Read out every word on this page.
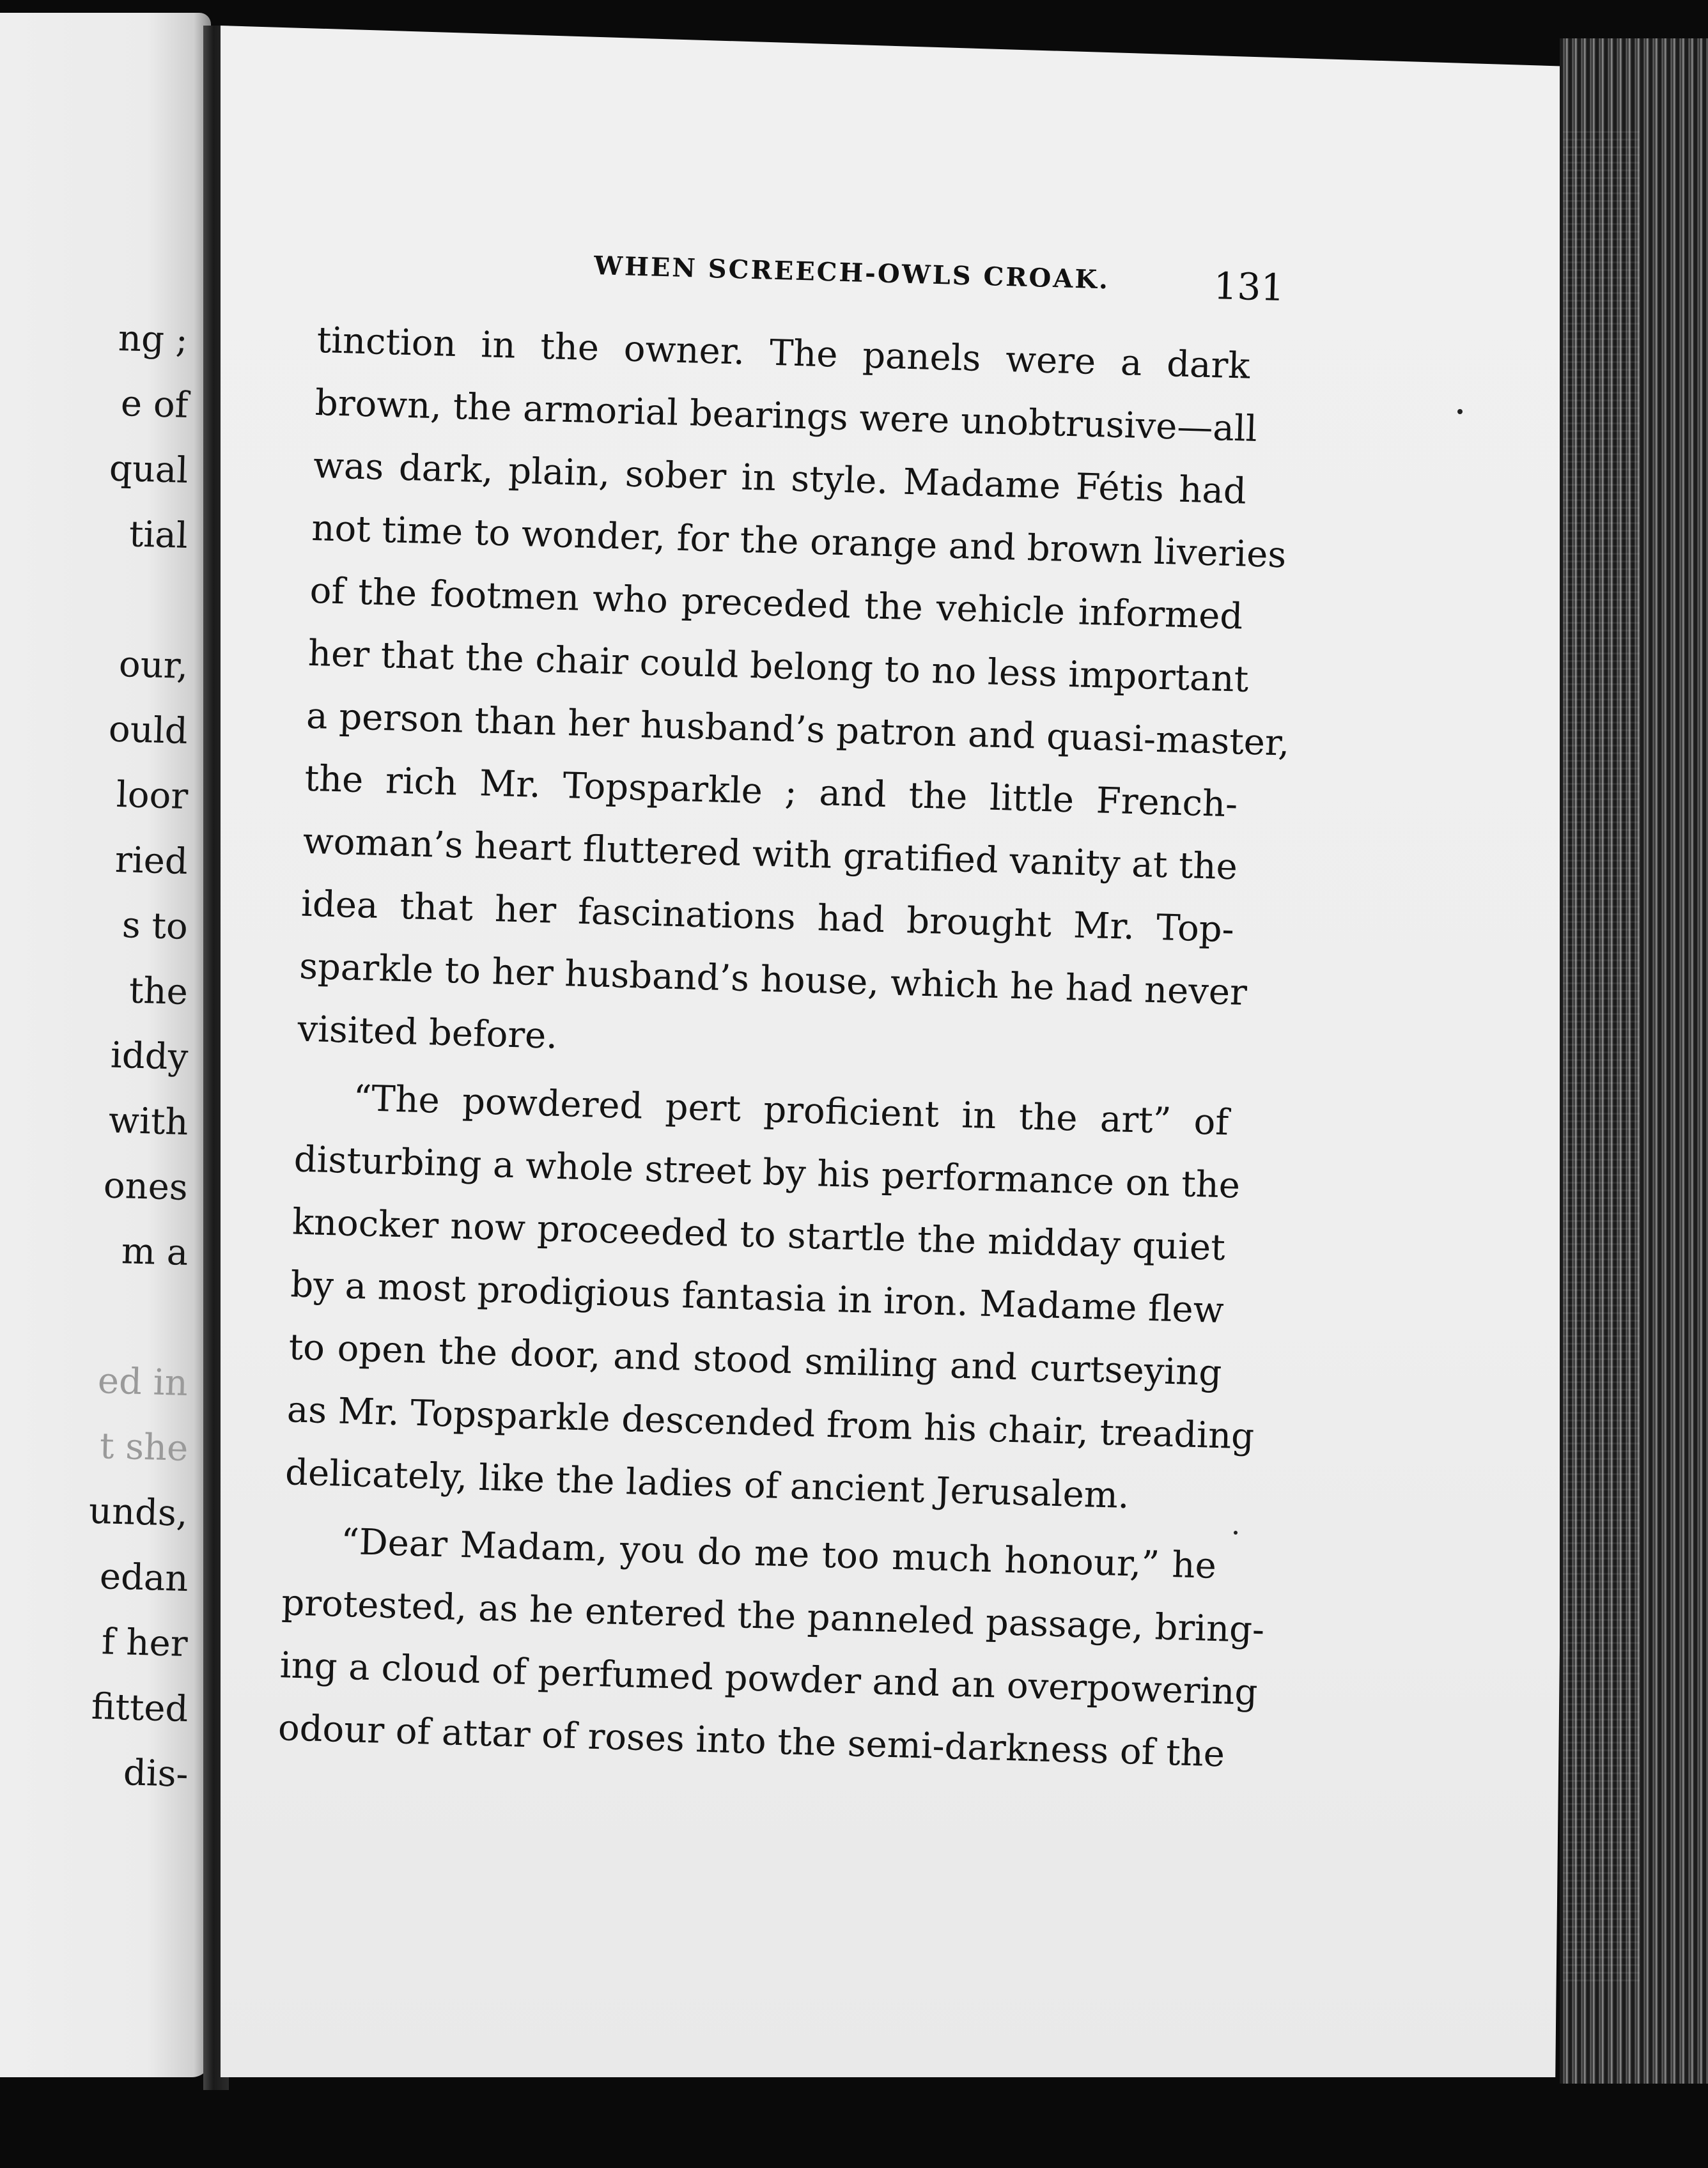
ng ;
e of
qual
tial
our,
ould
loor
ried
s to
the
iddy
with
ones
m a
ed in
t she
unds,
edan
f her
fitted
dis-
WHEN SCREECH-OWLS CROAK.	131
tinction in the owner. The panels were a dark
brown, the armorial bearings were unobtrusive—all
was dark, plain, sober in style. Madame Fétis had
not time to wonder, for the orange and brown liveries
of the footmen who preceded the vehicle informed
her that the chair could belong to no less important
a person than her husband’s patron and quasi-master,
the rich Mr. Topsparkle ; and the little French-
woman’s heart fluttered with gratified vanity at the
idea that her fascinations had brought Mr. Top-
sparkle to her husband’s house, which he had never
visited before.
“The powdered pert proficient in the art” of
disturbing a whole street by his performance on the
knocker now proceeded to startle the midday quiet
by a most prodigious fantasia in iron. Madame flew
to open the door, and stood smiling and curtseying
as Mr. Topsparkle descended from his chair, treading
delicately, like the ladies of ancient Jerusalem.
“Dear Madam, you do me too much honour,” he
protested, as he entered the panneled passage, bring-
ing a cloud of perfumed powder and an overpowering
odour of attar of roses into the semi-darkness of the
